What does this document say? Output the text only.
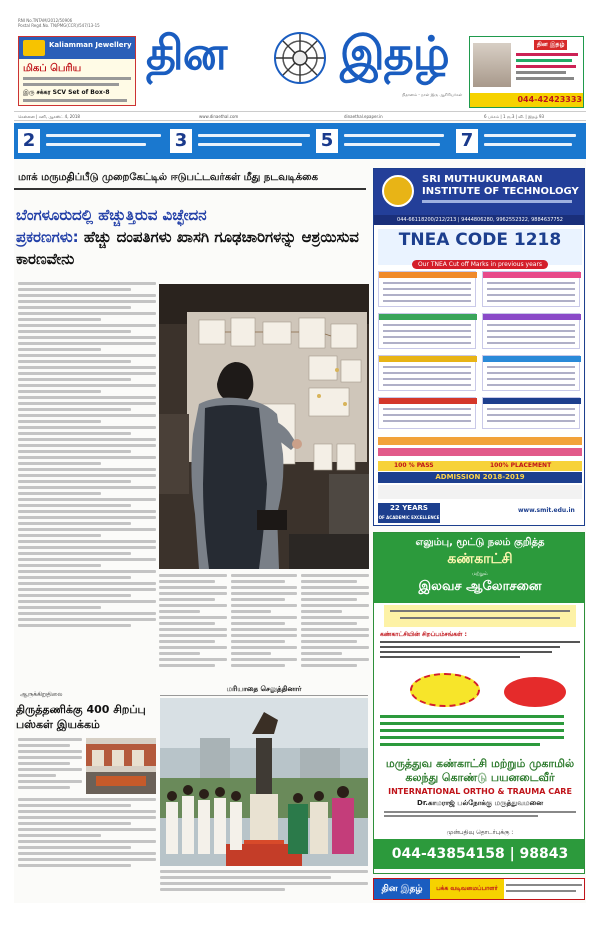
RNI No.TNTAM/2012/50906
Postal Regd.No. TN/PMG(CCR)/547/13-15
Kaliamman Jewellery
மிகப் பெரிய
இரு சக்கர SCV Set of Box-8
தின இதழ்
நிதானம் - நாள் இரு ஆசிரியர்கள்
தின இதழ்
044-42423333
சென்னை | சனி, ஆகஸ்ட் 4, 2018	www.dinaethal.com	dinaethal.epaper.in	6 பக்கம் | 1 ரூ.3 | வி. | இதழ் 93
2	3	5	7
மாக் மருமதிப்பீடு முறைகேட்டில் ஈடுபட்டவர்கள் மீது நடவடிக்கை
ಬೆಂಗಳೂರುದಲ್ಲಿ ಹೆಚ್ಚುತ್ತಿರುವ ವಿಚ್ಛೇದನ
ಪ್ರಕರಣಗಳು: ಹೆಚ್ಚು ದಂಪತಿಗಳು ಖಾಸಗಿ ಗೂಢಚಾರಿಗಳನ್ನು ಆಶ್ರಯಿಸುವ ಕಾರಣವೇನು
ஆருக்கிறுதிலை
திருத்தணிக்கு 400 சிறப்பு பஸ்கள் இயக்கம்
மரியாதை செலுத்தினார்
SRI MUTHUKUMARAN
INSTITUTE OF TECHNOLOGY
044-66118200/212/213 | 9444806280, 9962552322, 9884637752
TNEA CODE 1218
Our TNEA Cut off Marks in previous years
100 % PASS	100% PLACEMENT
ADMISSION 2018-2019
22 YEARS
OF ACADEMIC EXCELLENCE
www.smit.edu.in
எலும்பு, மூட்டு நலம் குறித்த
கண்காட்சி
மற்றும்
இலவச ஆலோசனை
கண்காட்சியின் சிறப்பம்சங்கள் :
மருத்துவ கண்காட்சி மற்றும் முகாமில்
கலந்து கொண்டு பயனடைவீர்
INTERNATIONAL ORTHO & TRAUMA CARE
Dr.காமராஜ் பல்நோக்கு மருத்துவமனை
முன்பதிவு தொடர்புக்கு :
044-43854158 | 98843
தின இதழ்	பக்க வடிவமைப்பாளர்
